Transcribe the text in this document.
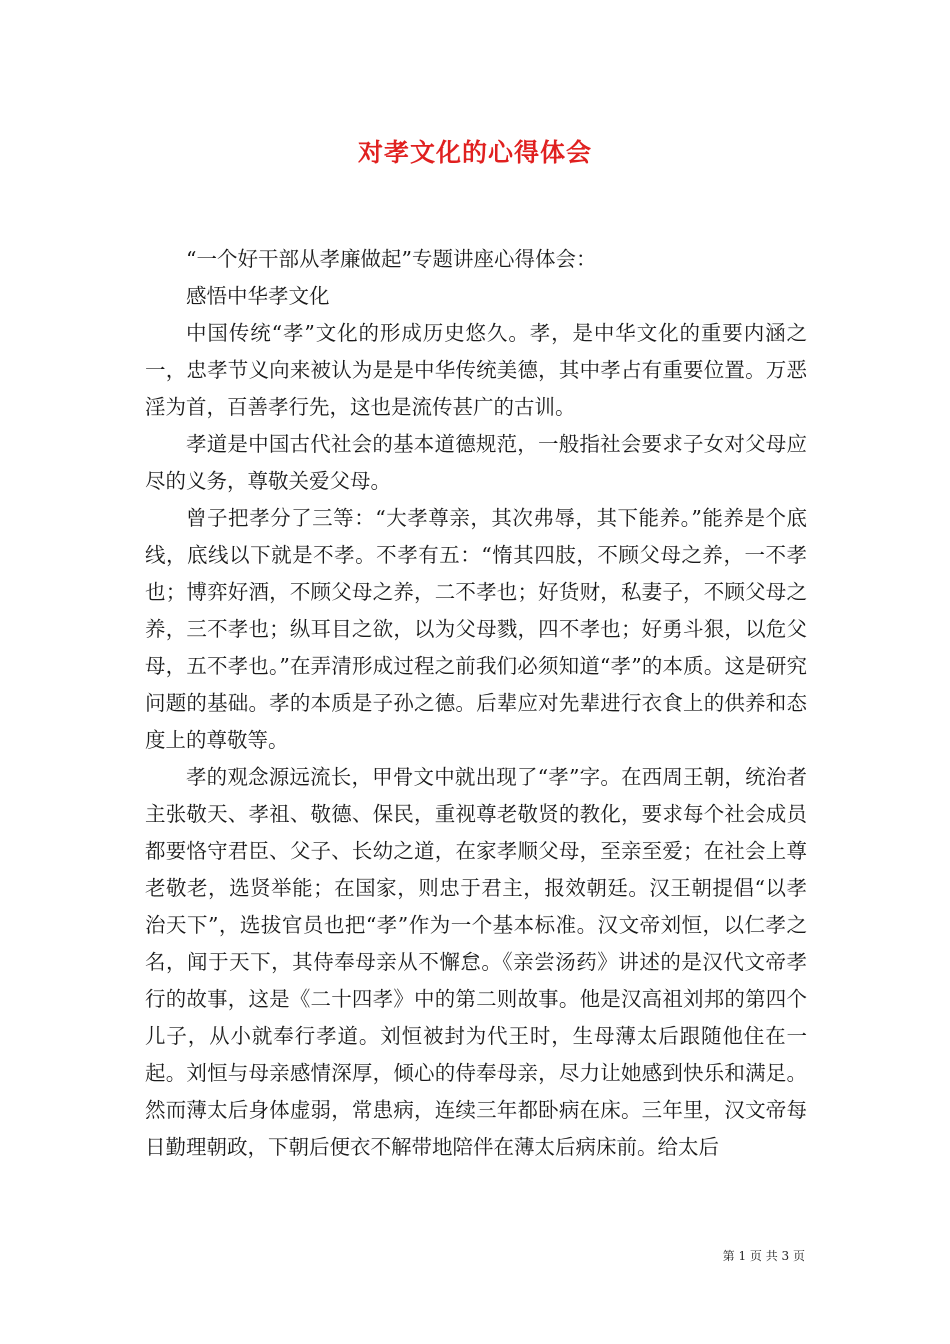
对孝文化的心得体会

“一个好干部从孝廉做起”专题讲座心得体会：

感悟中华孝文化

中国传统“孝”文化的形成历史悠久。孝，是中华文化的重要内涵之一，忠孝节义向来被认为是是中华传统美德，其中孝占有重要位置。万恶淫为首，百善孝行先，这也是流传甚广的古训。

孝道是中国古代社会的基本道德规范，一般指社会要求子女对父母应尽的义务，尊敬关爱父母。

曾子把孝分了三等：“大孝尊亲，其次弗辱，其下能养。”能养是个底线，底线以下就是不孝。不孝有五：“惰其四肢，不顾父母之养，一不孝也；博弈好酒，不顾父母之养，二不孝也；好货财，私妻子，不顾父母之养，三不孝也；纵耳目之欲，以为父母戮，四不孝也；好勇斗狠，以危父母，五不孝也。”在弄清形成过程之前我们必须知道“孝”的本质。这是研究问题的基础。孝的本质是子孙之德。后辈应对先辈进行衣食上的供养和态度上的尊敬等。

孝的观念源远流长，甲骨文中就出现了“孝”字。在西周王朝，统治者主张敬天、孝祖、敬德、保民，重视尊老敬贤的教化，要求每个社会成员都要恪守君臣、父子、长幼之道，在家孝顺父母，至亲至爱；在社会上尊老敬老，选贤举能；在国家，则忠于君主，报效朝廷。汉王朝提倡“以孝治天下”，选拔官员也把“孝”作为一个基本标准。汉文帝刘恒，以仁孝之名，闻于天下，其侍奉母亲从不懈怠。《亲尝汤药》讲述的是汉代文帝孝行的故事，这是《二十四孝》中的第二则故事。他是汉高祖刘邦的第四个儿子，从小就奉行孝道。刘恒被封为代王时，生母薄太后跟随他住在一起。刘恒与母亲感情深厚，倾心的侍奉母亲，尽力让她感到快乐和满足。然而薄太后身体虚弱，常患病，连续三年都卧病在床。三年里，汉文帝每日勤理朝政，下朝后便衣不解带地陪伴在薄太后病床前。给太后

第 1 页 共 3 页
